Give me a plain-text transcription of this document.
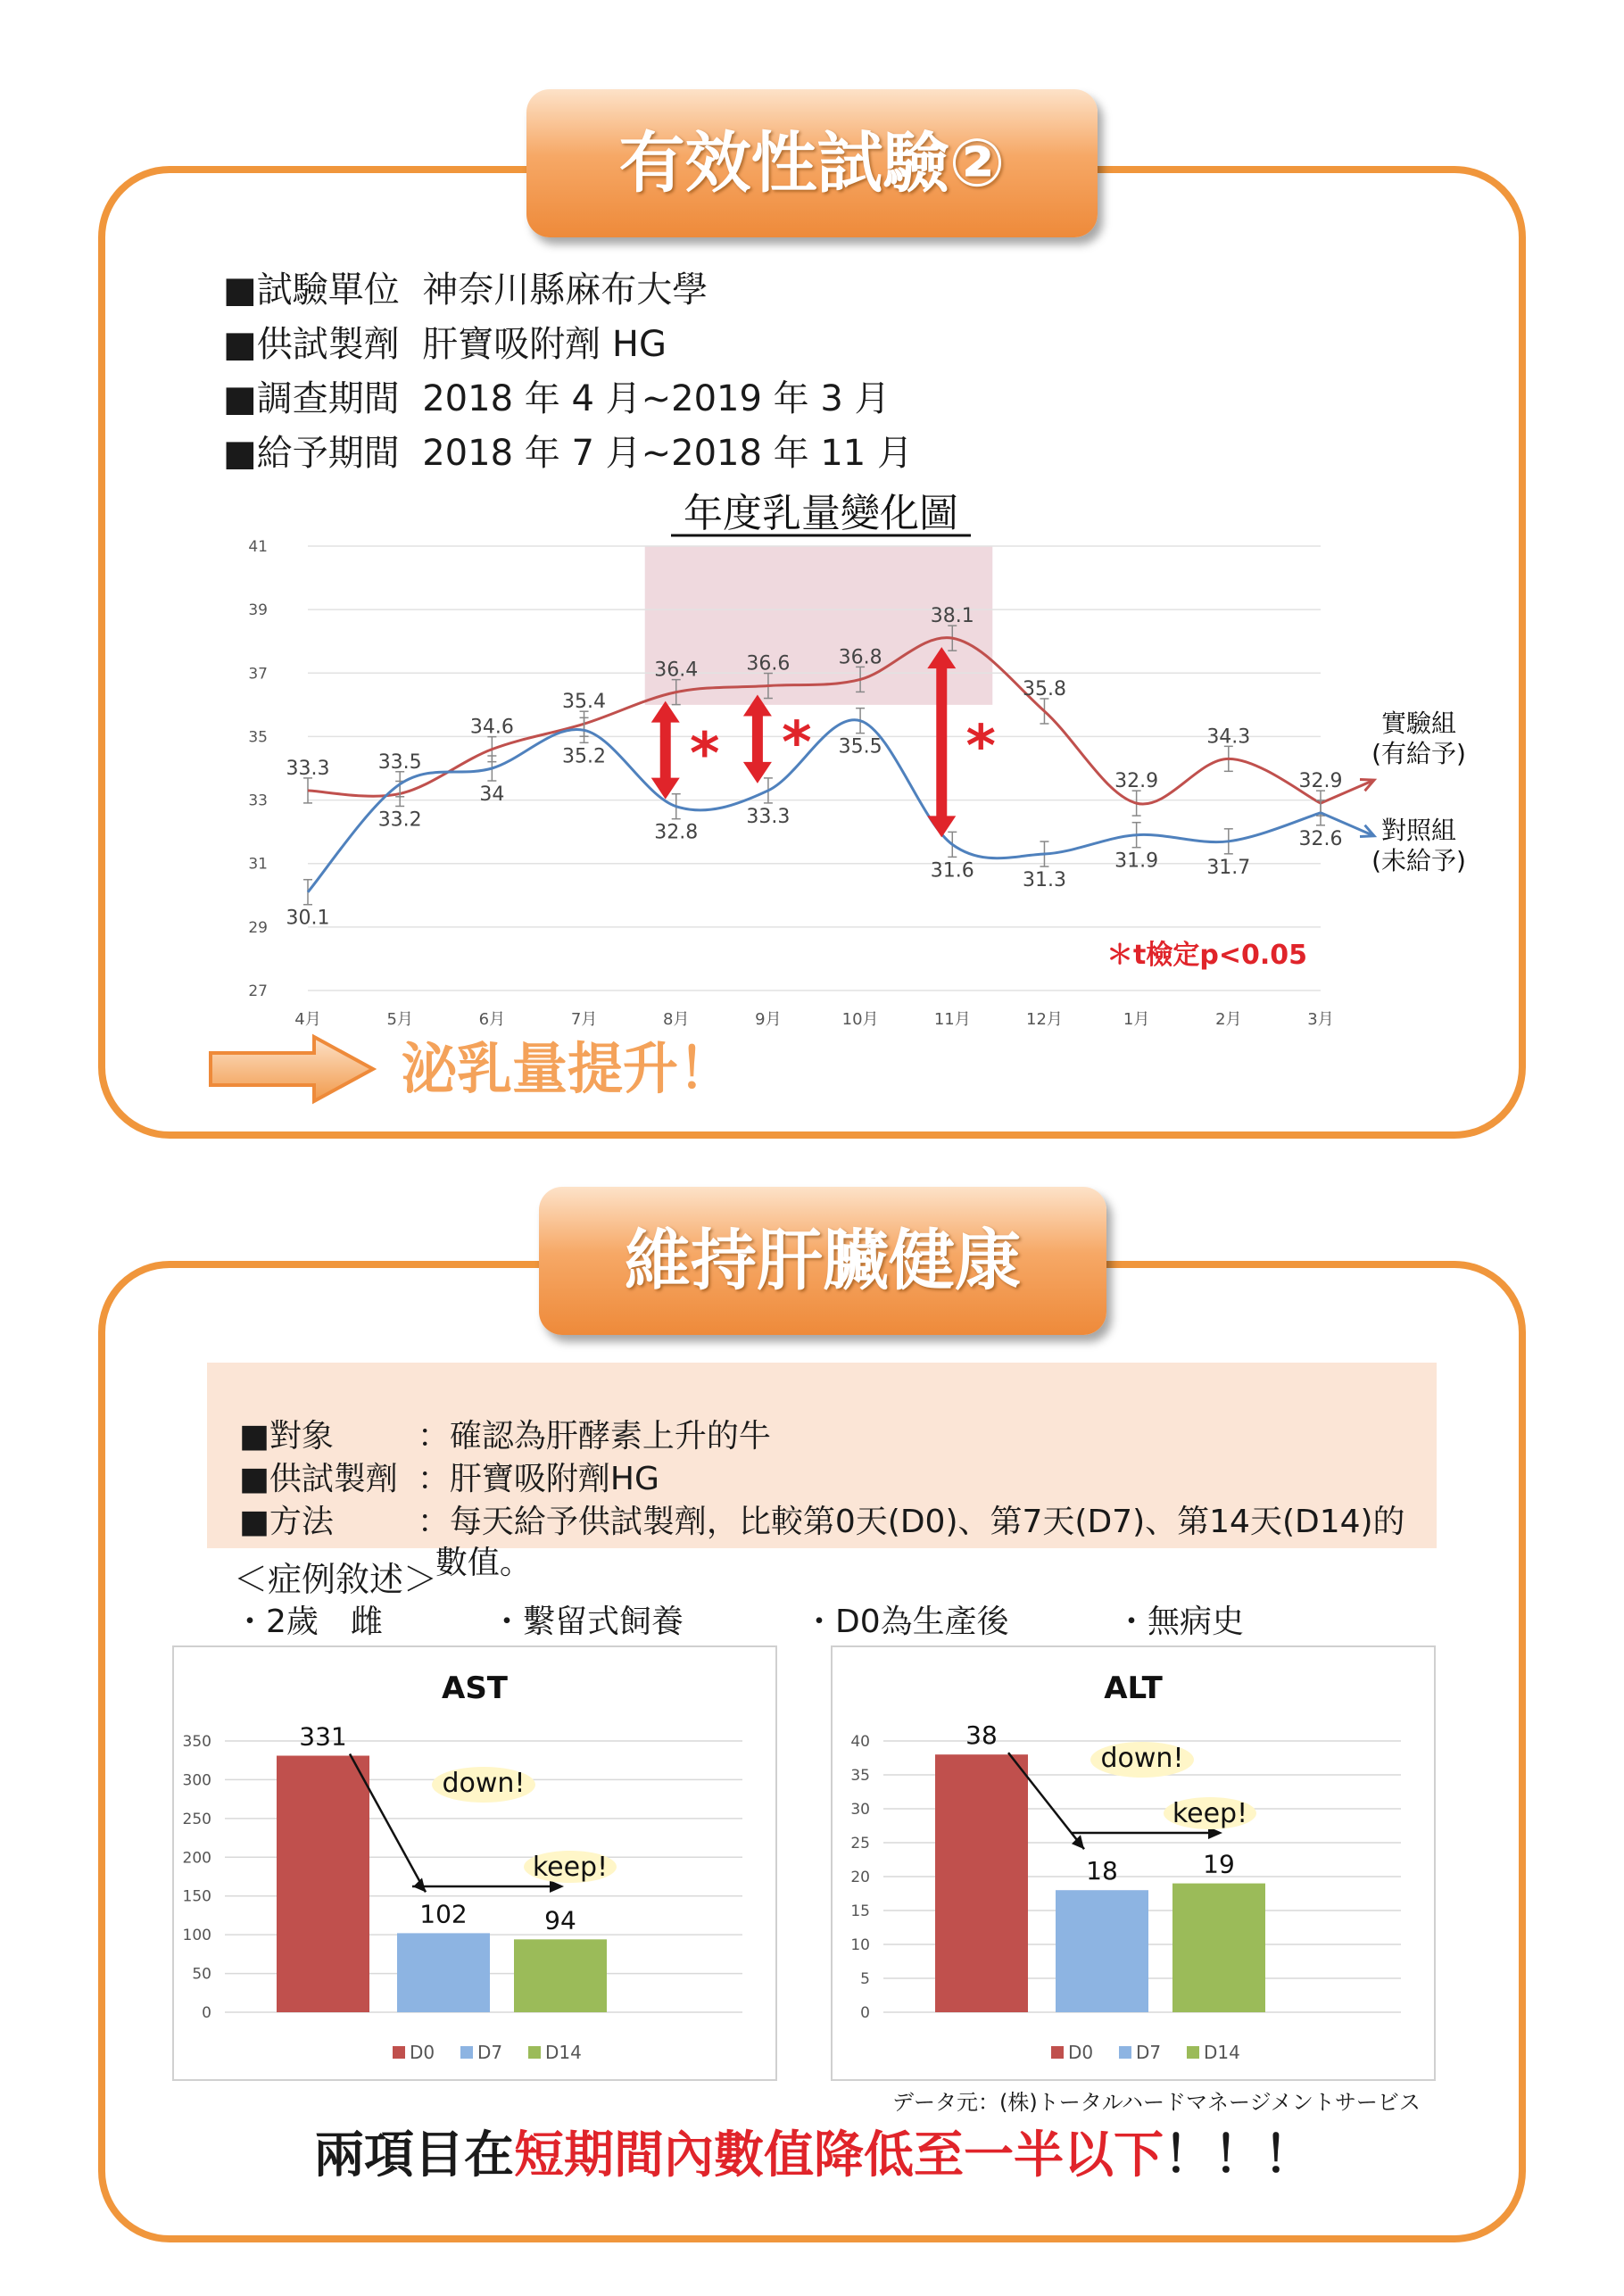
有效性試驗②
■試驗單位  神奈川縣麻布大學
■供試製劑  肝寶吸附劑 HG
■調查期間  2018 年 4 月~2019 年 3 月
■給予期間  2018 年 7 月~2018 年 11 月
41
39
37
35
33
31
29
27
4月	5月	6月	7月	8月	9月	10月	11月	12月	1月	2月	3月
年度乳量變化圖
33.3
33.2
34.6
35.4
36.4 36.6 36.8
38.1
35.8
32.9
34.3
32.9
實驗組
(有給予)
30.1
33.5
34
35.2
32.8
33.3
35.5
31.6 31.3
31.9 31.7
32.6 對照組
(未給予)
* *	*
＊t檢定p<0.05
泌乳量提升！
維持肝臟健康

■對象	：確認為肝酵素上升的牛

■供試製劑 ：肝寶吸附劑HG

■方法	：每天給予供試製劑，比較第0天(D0)、第7天(D7)、第14天(D14)的

數值。

＜症例敘述＞
・2歲　雌	・繫留式飼養	・D0為生產後	・無病史
AST
350
300
250
200
150
100
50
0
331
102	94
down!
keep!
D0 D7 D14
ALT
40
35
30
25
20
15
10
5
0
38
18	19
down!
keep!
D0 D7 D14
データ元：(株)トータルハードマネージメントサービス
兩項目在短期間內數值降低至一半以下！！！
